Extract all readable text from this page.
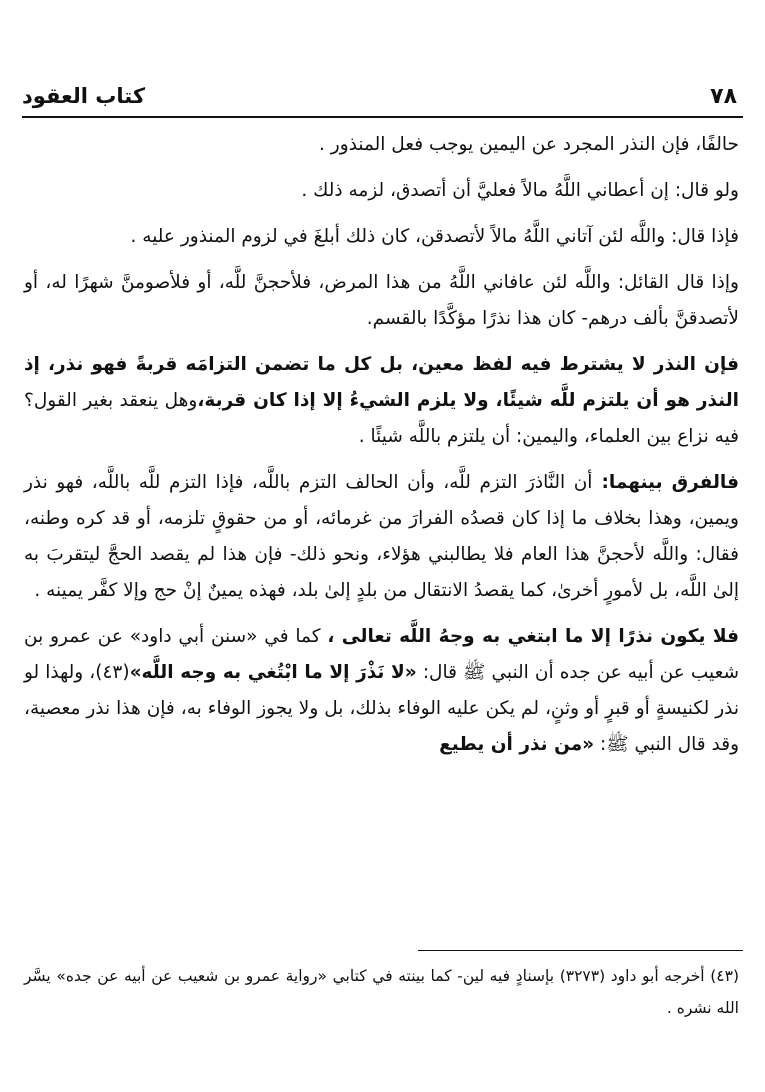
٧٨
كتاب العقود

حالفًا، فإن النذر المجرد عن اليمين يوجب فعل المنذور .

ولو قال: إن أعطاني اللَّهُ مالاً فعليَّ أن أتصدق، لزمه ذلك .

فإذا قال: واللَّه لئن آتاني اللَّهُ مالاً لأتصدقن، كان ذلك أبلغَ في لزوم المنذور عليه .

وإذا قال القائل: واللَّه لئن عافاني اللَّهُ من هذا المرض، فلأحجنَّ للَّه، أو فلأصومنَّ شهرًا له، أو لأتصدقنَّ بألف درهم- كان هذا نذرًا مؤكَّدًا بالقسم.

فإن النذر لا يشترط فيه لفظ معين، بل كل ما تضمن التزامَه قربةً فهو نذر، إذ النذر هو أن يلتزم للَّه شيئًا، ولا يلزم الشيءُ إلا إذا كان قربة،وهل ينعقد بغير القول؟ فيه نزاع بين العلماء، واليمين: أن يلتزم باللَّه شيئًا .

فالفرق بينهما: أن النَّاذرَ التزم للَّه، وأن الحالف التزم باللَّه، فإذا التزم للَّه باللَّه، فهو نذر ويمين، وهذا بخلاف ما إذا كان قصدُه الفرارَ من غرمائه، أو من حقوقٍ تلزمه، أو قد كره وطنه، فقال: واللَّه لأحجنَّ هذا العام فلا يطالبني هؤلاء، ونحو ذلك- فإن هذا لم يقصد الحجَّ ليتقربَ به إلىٰ اللَّه، بل لأمورٍ أخرىٰ، كما يقصدُ الانتقال من بلدٍ إلىٰ بلد، فهذه يمينٌ إنْ حج وإلا كفَّر يمينه .

فلا يكون نذرًا إلا ما ابتغي به وجهُ اللَّه تعالى ، كما في «سنن أبي داود» عن عمرو بن شعيب عن أبيه عن جده أن النبي ﷺ قال: «لا نَذْرَ إلا ما ابْتُغي به وجه اللَّه»(٤٣)، ولهذا لو نذر لكنيسةٍ أو قبرٍ أو وثنٍ، لم يكن عليه الوفاء بذلك، بل ولا يجوز الوفاء به، فإن هذا نذر معصية، وقد قال النبي ﷺ: «من نذر أن يطيع

(٤٣) أخرجه أبو داود (٣٢٧٣) بإسنادٍ فيه لين- كما بينته في كتابي «رواية عمرو بن شعيب عن أبيه عن جده» يسَّر الله نشره .
